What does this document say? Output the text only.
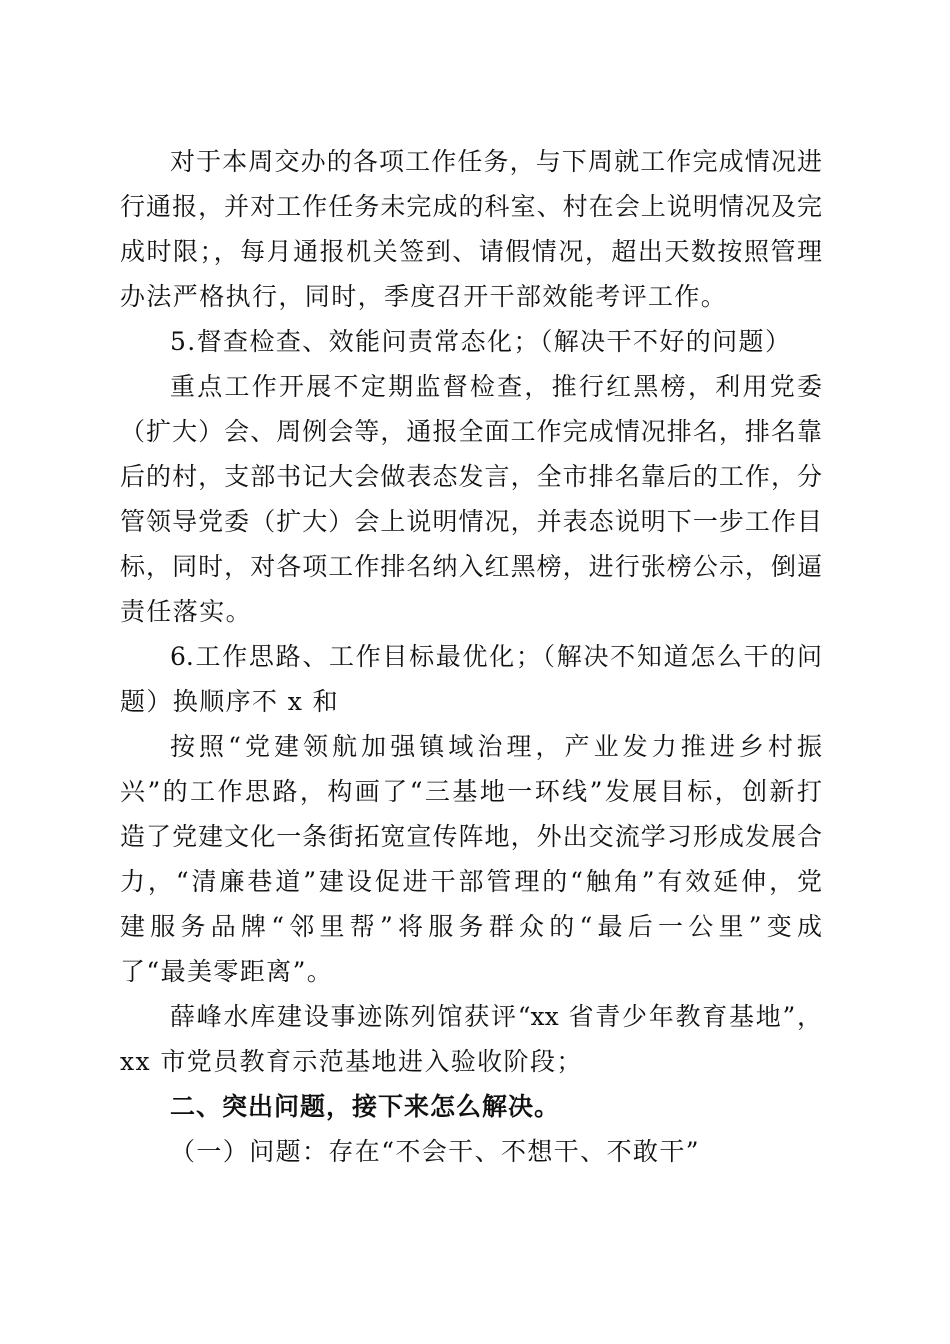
对于本周交办的各项工作任务，与下周就工作完成情况进
行通报，并对工作任务未完成的科室、村在会上说明情况及完
成时限；，每月通报机关签到、请假情况，超出天数按照管理
办法严格执行，同时，季度召开干部效能考评工作。
5.督查检查、效能问责常态化；（解决干不好的问题）
重点工作开展不定期监督检查，推行红黑榜，利用党委
（扩大）会、周例会等，通报全面工作完成情况排名，排名靠
后的村，支部书记大会做表态发言，全市排名靠后的工作，分
管领导党委（扩大）会上说明情况，并表态说明下一步工作目
标，同时，对各项工作排名纳入红黑榜，进行张榜公示，倒逼
责任落实。
6.工作思路、工作目标最优化；（解决不知道怎么干的问
题）换顺序不 x 和
按照“党建领航加强镇域治理，产业发力推进乡村振
兴”的工作思路，构画了“三基地一环线”发展目标，创新打
造了党建文化一条街拓宽宣传阵地，外出交流学习形成发展合
力，“清廉巷道”建设促进干部管理的“触角”有效延伸，党
建服务品牌“邻里帮”将服务群众的“最后一公里”变成
了“最美零距离”。
薛峰水库建设事迹陈列馆获评“xx 省青少年教育基地”，
xx 市党员教育示范基地进入验收阶段；
二、突出问题，接下来怎么解决。
（一）问题：存在“不会干、不想干、不敢干”
